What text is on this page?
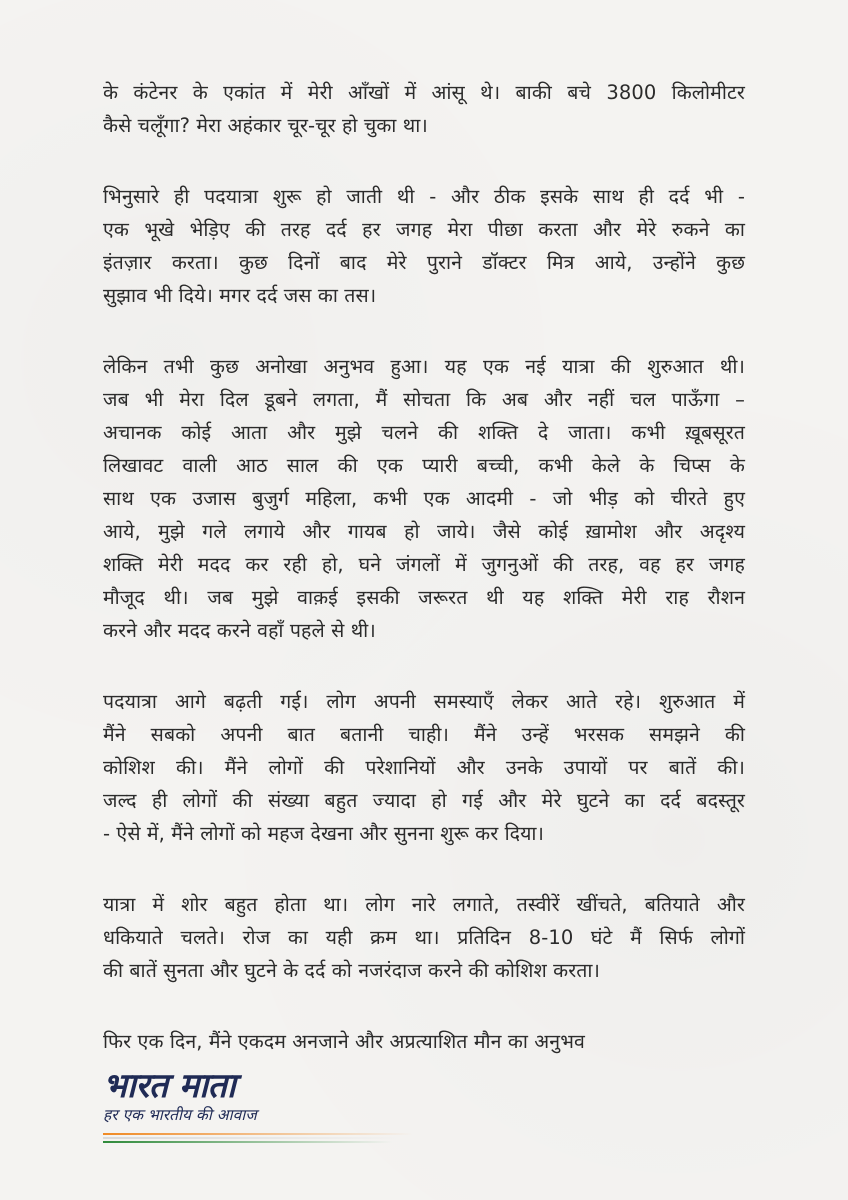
के कंटेनर के एकांत में मेरी आँखों में आंसू थे। बाकी बचे 3800 किलोमीटर
कैसे चलूँगा? मेरा अहंकार चूर-चूर हो चुका था।

भिनुसारे ही पदयात्रा शुरू हो जाती थी - और ठीक इसके साथ ही दर्द भी -
एक भूखे भेड़िए की तरह दर्द हर जगह मेरा पीछा करता और मेरे रुकने का
इंतज़ार करता। कुछ दिनों बाद मेरे पुराने डॉक्टर मित्र आये, उन्होंने कुछ
सुझाव भी दिये। मगर दर्द जस का तस।

लेकिन तभी कुछ अनोखा अनुभव हुआ। यह एक नई यात्रा की शुरुआत थी।
जब भी मेरा दिल डूबने लगता, मैं सोचता कि अब और नहीं चल पाऊँगा –
अचानक कोई आता और मुझे चलने की शक्ति दे जाता। कभी ख़ूबसूरत
लिखावट वाली आठ साल की एक प्यारी बच्ची, कभी केले के चिप्स के
साथ एक उजास बुजुर्ग महिला, कभी एक आदमी - जो भीड़ को चीरते हुए
आये, मुझे गले लगाये और गायब हो जाये। जैसे कोई ख़ामोश और अदृश्य
शक्ति मेरी मदद कर रही हो, घने जंगलों में जुगनुओं की तरह, वह हर जगह
मौजूद थी। जब मुझे वाक़ई इसकी जरूरत थी यह शक्ति मेरी राह रौशन
करने और मदद करने वहाँ पहले से थी।

पदयात्रा आगे बढ़ती गई। लोग अपनी समस्याएँ लेकर आते रहे। शुरुआत में
मैंने सबको अपनी बात बतानी चाही। मैंने उन्हें भरसक समझने की
कोशिश की। मैंने लोगों की परेशानियों और उनके उपायों पर बातें की।
जल्द ही लोगों की संख्या बहुत ज्यादा हो गई और मेरे घुटने का दर्द बदस्तूर
- ऐसे में, मैंने लोगों को महज देखना और सुनना शुरू कर दिया।

यात्रा में शोर बहुत होता था। लोग नारे लगाते, तस्वीरें खींचते, बतियाते और
धकियाते चलते। रोज का यही क्रम था। प्रतिदिन 8-10 घंटे मैं सिर्फ लोगों
की बातें सुनता और घुटने के दर्द को नजरंदाज करने की कोशिश करता।

फिर एक दिन, मैंने एकदम अनजाने और अप्रत्याशित मौन का अनुभव

भारत माता
हर एक भारतीय की आवाज
